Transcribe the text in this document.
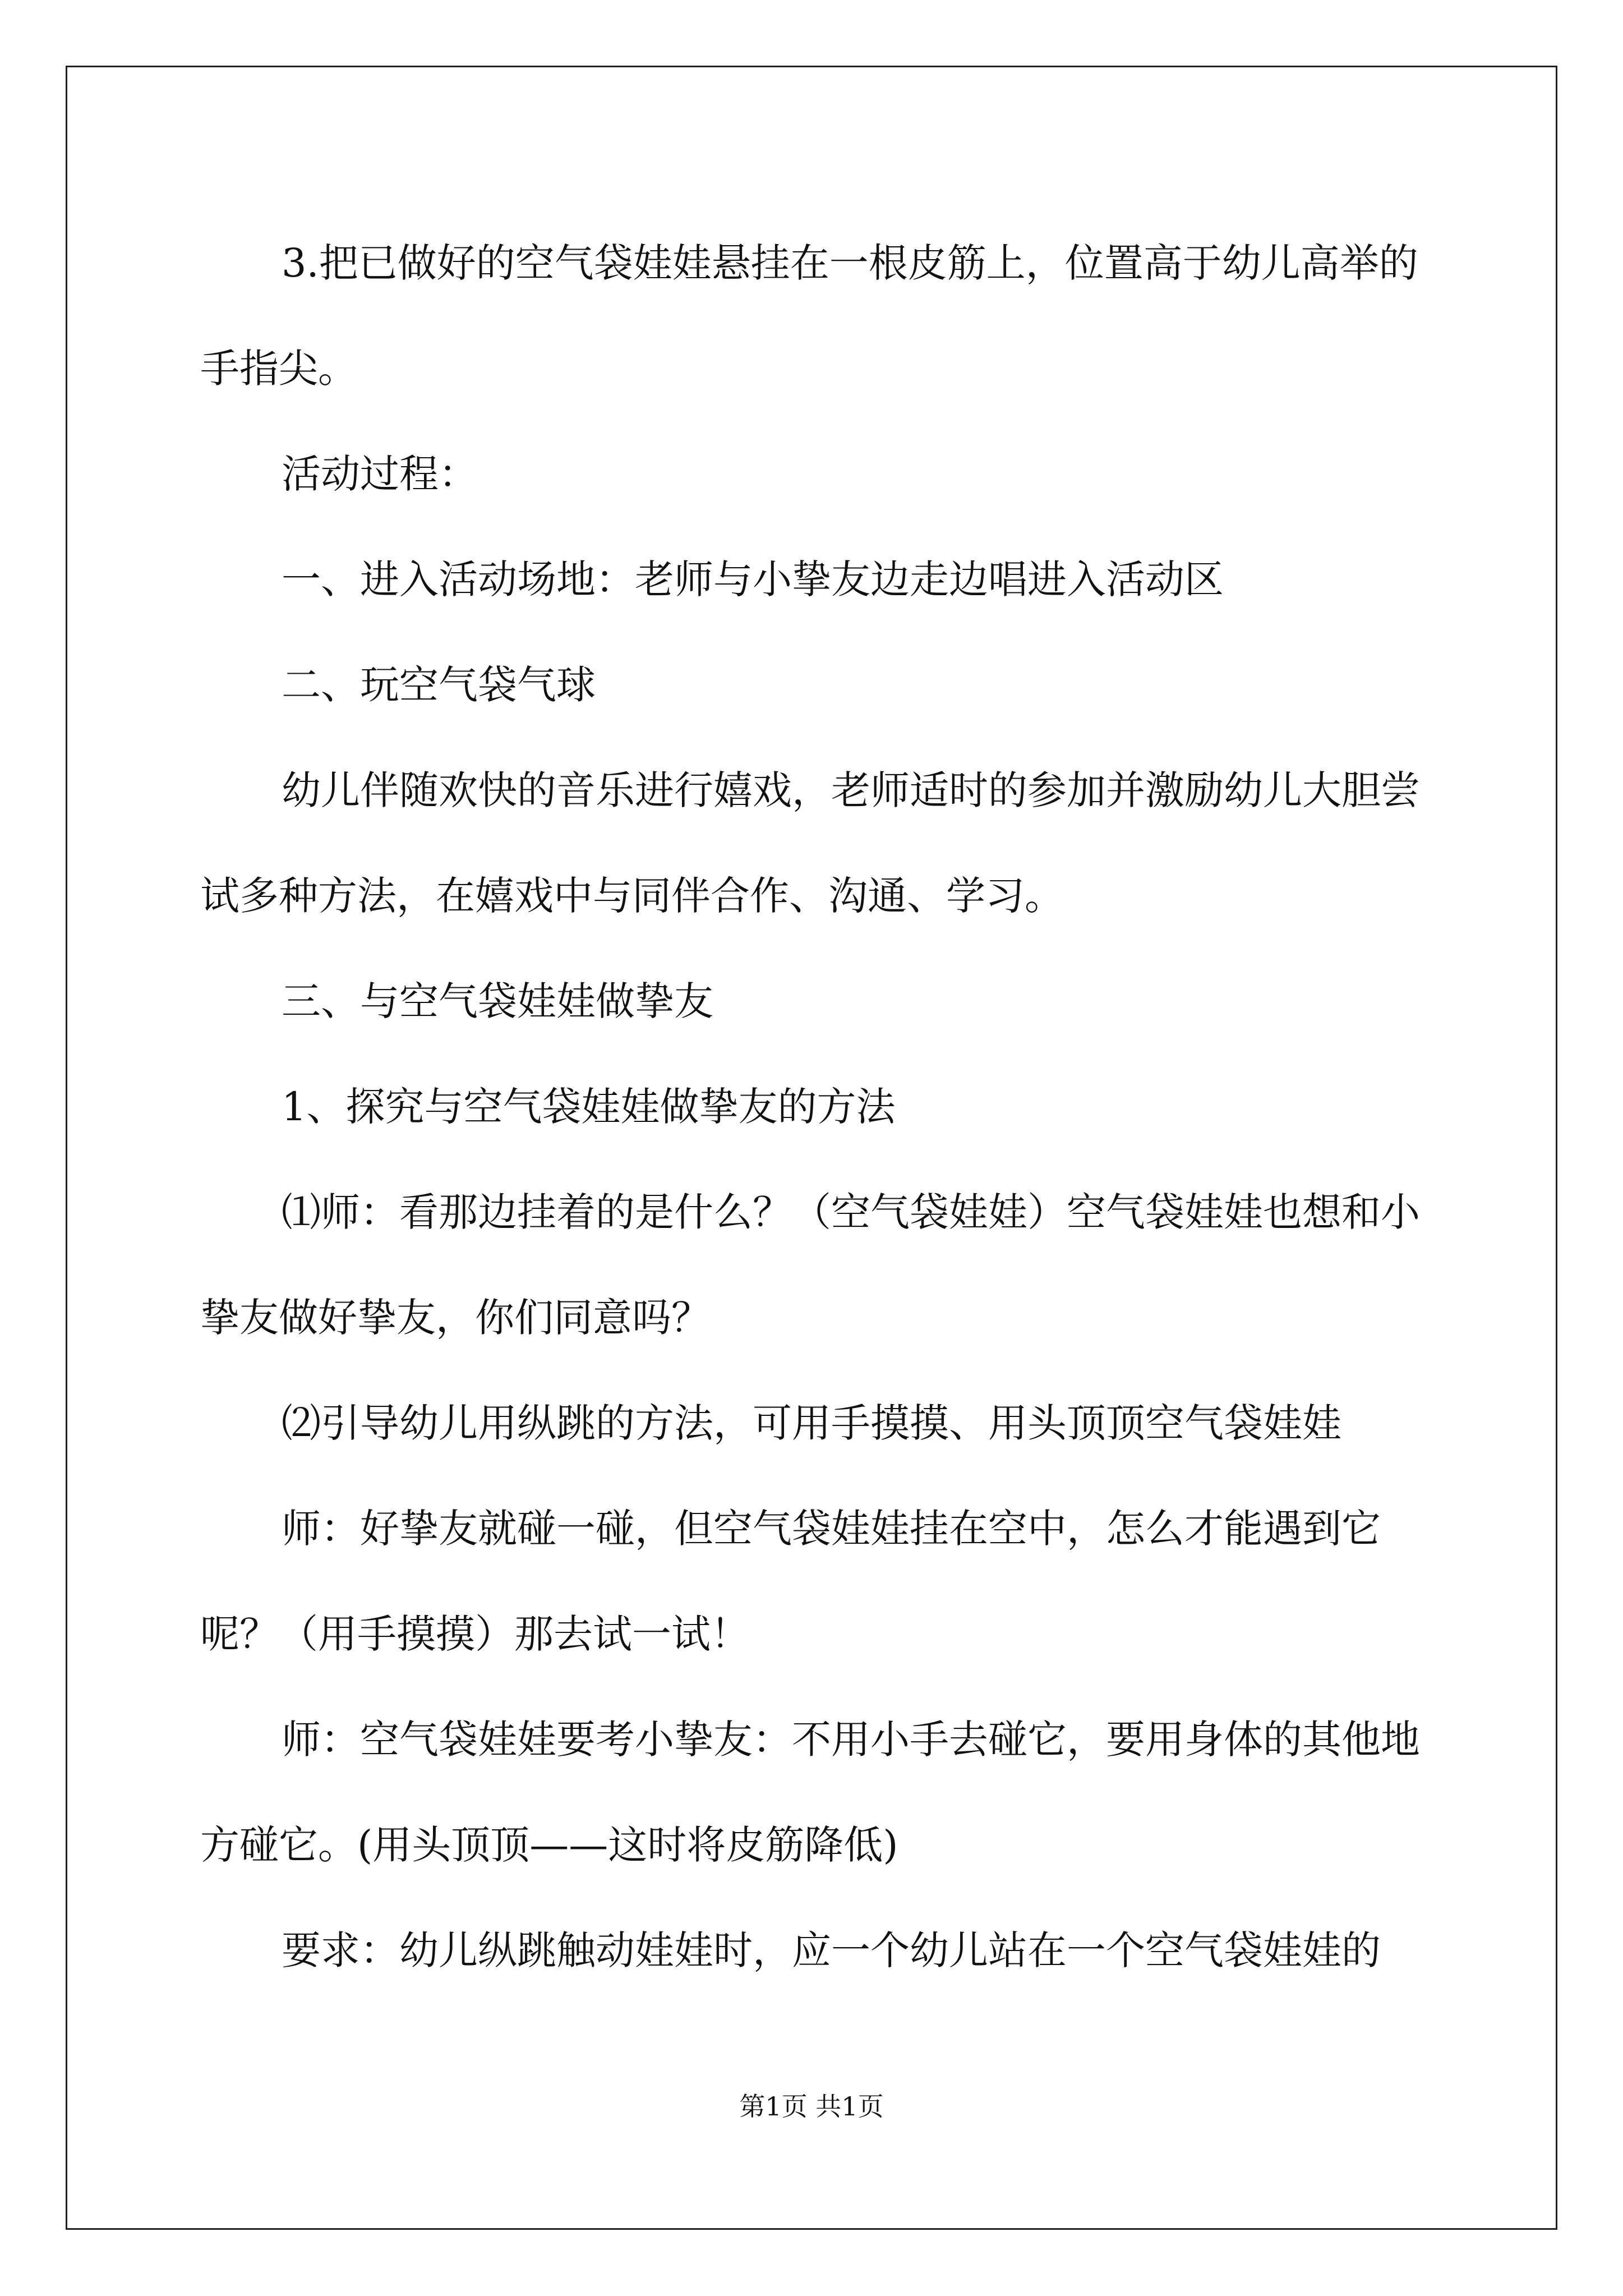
3.把已做好的空气袋娃娃悬挂在一根皮筋上，位置高于幼儿高举的手指尖。

活动过程：

一、进入活动场地：老师与小挚友边走边唱进入活动区

二、玩空气袋气球

幼儿伴随欢快的音乐进行嬉戏，老师适时的参加并激励幼儿大胆尝试多种方法，在嬉戏中与同伴合作、沟通、学习。

三、与空气袋娃娃做挚友

1、探究与空气袋娃娃做挚友的方法

⑴师：看那边挂着的是什么？（空气袋娃娃）空气袋娃娃也想和小挚友做好挚友，你们同意吗？

⑵引导幼儿用纵跳的方法，可用手摸摸、用头顶顶空气袋娃娃

师：好挚友就碰一碰，但空气袋娃娃挂在空中，怎么才能遇到它呢？（用手摸摸）那去试一试！

师：空气袋娃娃要考小挚友：不用小手去碰它，要用身体的其他地方碰它。(用头顶顶——这时将皮筋降低)

要求：幼儿纵跳触动娃娃时，应一个幼儿站在一个空气袋娃娃的

第1页 共1页
